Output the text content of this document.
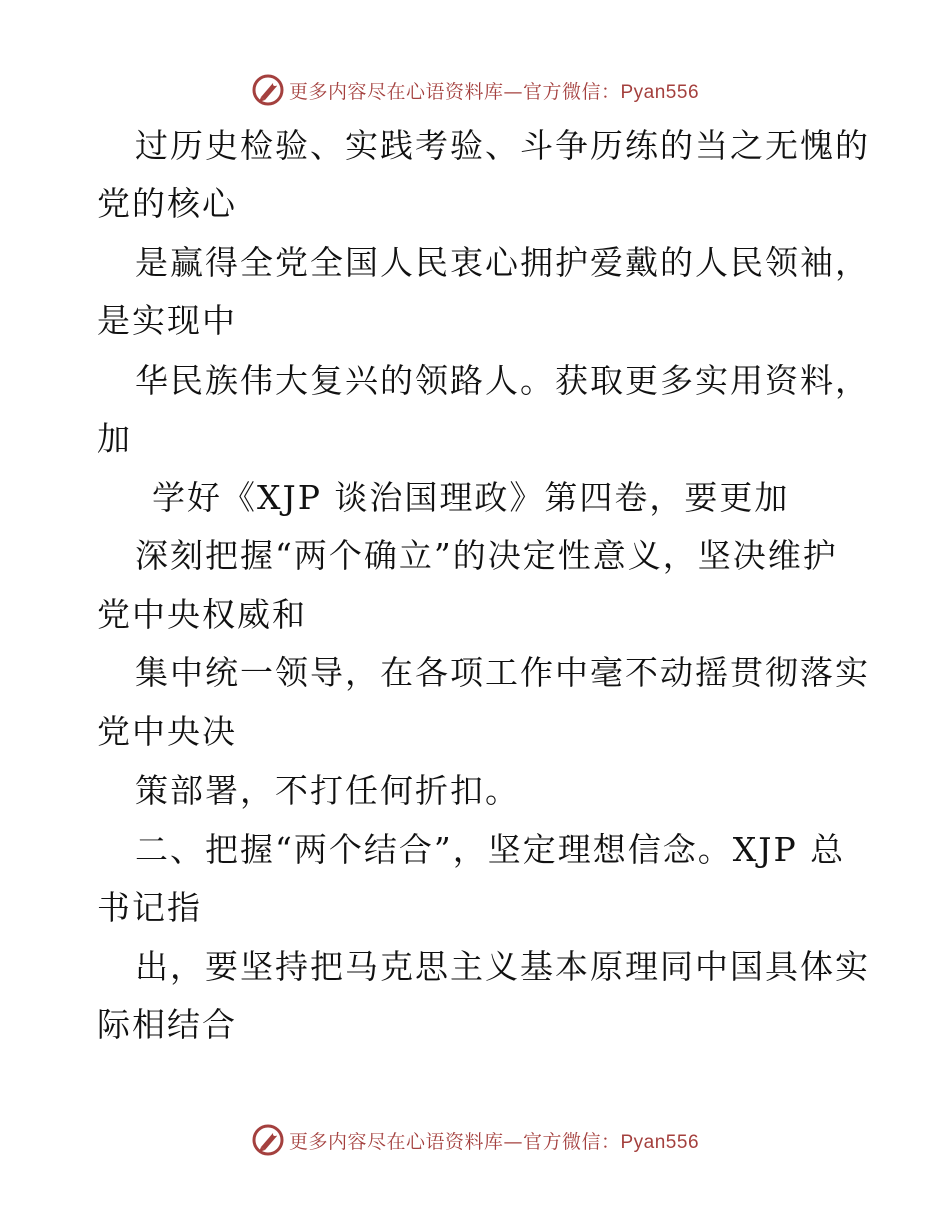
更多内容尽在心语资料库—官方微信：Pyan556
过历史检验、实践考验、斗争历练的当之无愧的
党的核心
是赢得全党全国人民衷心拥护爱戴的人民领袖，
是实现中
华民族伟大复兴的领路人。获取更多实用资料，
加
学好《XJP 谈治国理政》第四卷，要更加
深刻把握“两个确立”的决定性意义，坚决维护
党中央权威和
集中统一领导，在各项工作中毫不动摇贯彻落实
党中央决
策部署，不打任何折扣。
二、把握“两个结合”，坚定理想信念。XJP 总
书记指
出，要坚持把马克思主义基本原理同中国具体实
际相结合
更多内容尽在心语资料库—官方微信：Pyan556
